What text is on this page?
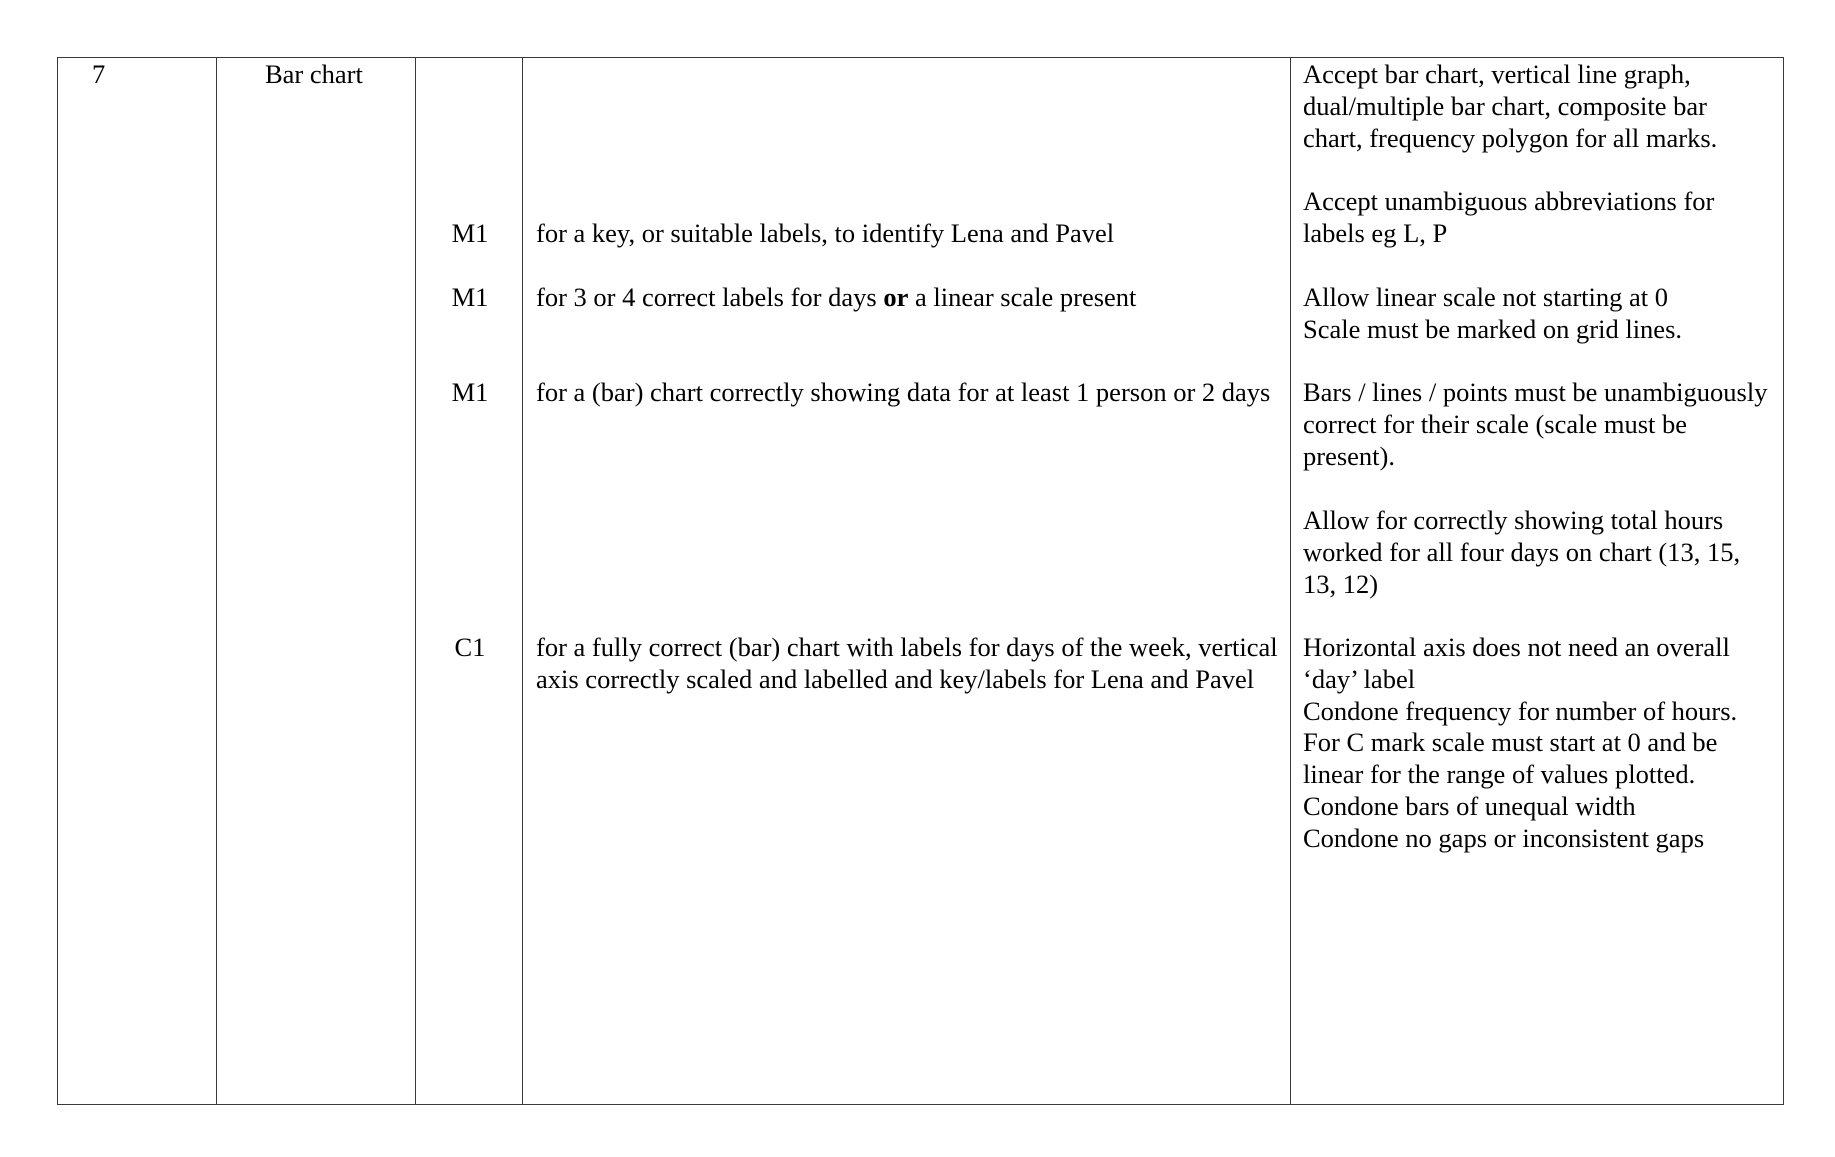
7	Bar chart
M1
M1
M1
C1
for a key, or suitable labels, to identify Lena and Pavel
for 3 or 4 correct labels for days or a linear scale present
for a (bar) chart correctly showing data for at least 1 person or 2 days
for a fully correct (bar) chart with labels for days of the week, vertical axis correctly scaled and labelled and key/labels for Lena and Pavel
Accept bar chart, vertical line graph, dual/multiple bar chart, composite bar chart, frequency polygon for all marks.
Accept unambiguous abbreviations for labels eg L, P
Allow linear scale not starting at 0
Scale must be marked on grid lines.
Bars / lines / points must be unambiguously correct for their scale (scale must be present).
Allow for correctly showing total hours worked for all four days on chart (13, 15, 13, 12)
Horizontal axis does not need an overall ‘day’ label
Condone frequency for number of hours.
For C mark scale must start at 0 and be linear for the range of values plotted.
Condone bars of unequal width
Condone no gaps or inconsistent gaps
